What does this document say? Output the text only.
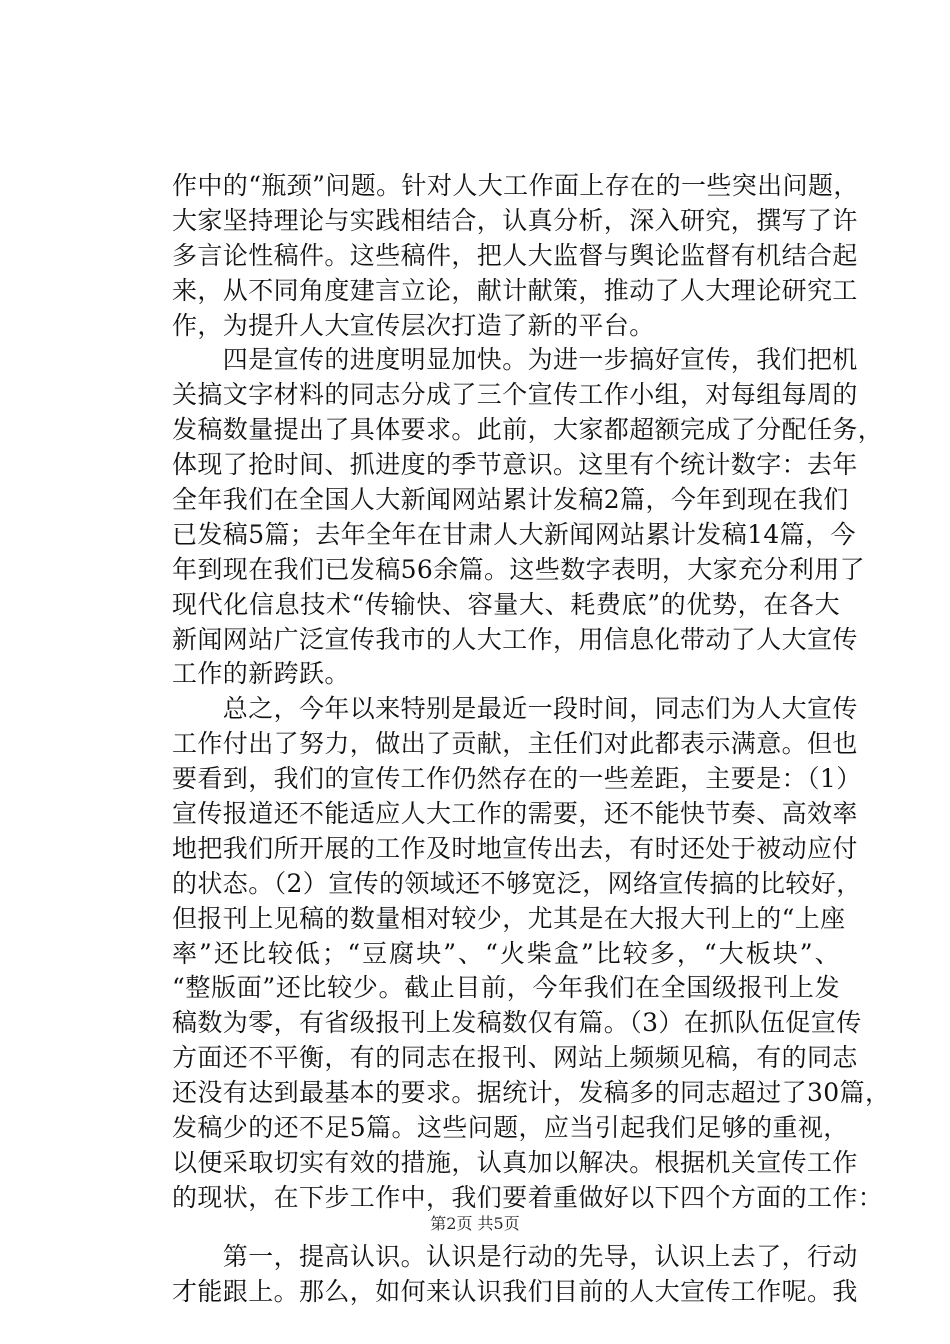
作中的“瓶颈”问题。针对人大工作面上存在的一些突出问题，
大家坚持理论与实践相结合，认真分析，深入研究，撰写了许
多言论性稿件。这些稿件，把人大监督与舆论监督有机结合起
来，从不同角度建言立论，献计献策，推动了人大理论研究工
作，为提升人大宣传层次打造了新的平台。
　　四是宣传的进度明显加快。为进一步搞好宣传，我们把机
关搞文字材料的同志分成了三个宣传工作小组，对每组每周的
发稿数量提出了具体要求。此前，大家都超额完成了分配任务，
体现了抢时间、抓进度的季节意识。这里有个统计数字：去年
全年我们在全国人大新闻网站累计发稿2篇，今年到现在我们
已发稿5篇；去年全年在甘肃人大新闻网站累计发稿14篇，今
年到现在我们已发稿56余篇。这些数字表明，大家充分利用了
现代化信息技术“传输快、容量大、耗费底”的优势，在各大
新闻网站广泛宣传我市的人大工作，用信息化带动了人大宣传
工作的新跨跃。
　　总之，今年以来特别是最近一段时间，同志们为人大宣传
工作付出了努力，做出了贡献，主任们对此都表示满意。但也
要看到，我们的宣传工作仍然存在的一些差距，主要是：（1）
宣传报道还不能适应人大工作的需要，还不能快节奏、高效率
地把我们所开展的工作及时地宣传出去，有时还处于被动应付
的状态。（2）宣传的领域还不够宽泛，网络宣传搞的比较好，
但报刊上见稿的数量相对较少，尤其是在大报大刊上的“上座
率”还比较低；“豆腐块”、“火柴盒”比较多，“大板块”、
“整版面”还比较少。截止目前，今年我们在全国级报刊上发
稿数为零，有省级报刊上发稿数仅有篇。（3）在抓队伍促宣传
方面还不平衡，有的同志在报刊、网站上频频见稿，有的同志
还没有达到最基本的要求。据统计，发稿多的同志超过了30篇，
发稿少的还不足5篇。这些问题，应当引起我们足够的重视，
以便采取切实有效的措施，认真加以解决。根据机关宣传工作
的现状，在下步工作中，我们要着重做好以下四个方面的工作：
　　第一，提高认识。认识是行动的先导，认识上去了，行动
才能跟上。那么，如何来认识我们目前的人大宣传工作呢。我
第2页 共5页
